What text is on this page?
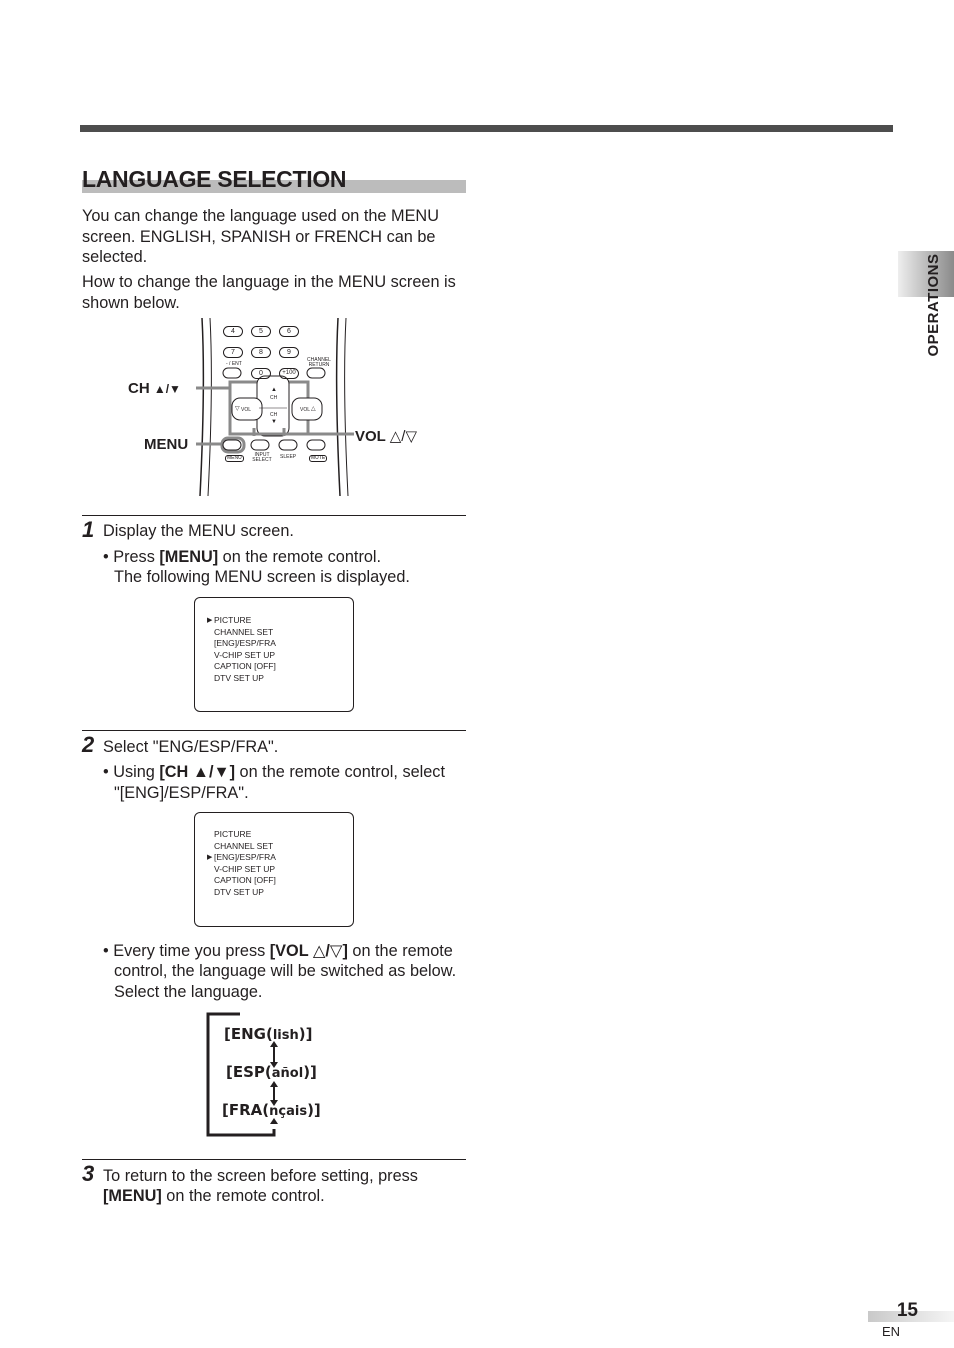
LANGUAGE SELECTION
OPERATIONS
You can change the language used on the MENU screen. ENGLISH, SPANISH or FRENCH can be selected.
How to change the language in the MENU screen is shown below.
4	5	6
7	8	9
- / ENT
CHANNEL RETURN
0	+100
▲
CH
CH
▼
▽ VOL	VOL △
MENU	INPUT SELECT SLEEP	MUTE
CH ▲/▼
MENU	VOL △/▽
1 Display the MENU screen.
• Press [MENU] on the remote control.
The following MENU screen is displayed.
▶ PICTURE
CHANNEL SET
[ENG]/ESP/FRA
V-CHIP SET UP
CAPTION [OFF]
DTV SET UP
2 Select "ENG/ESP/FRA".
• Using [CH ▲/▼] on the remote control, select
"[ENG]/ESP/FRA".
▶
PICTURE
CHANNEL SET
[ENG]/ESP/FRA
V-CHIP SET UP
CAPTION [OFF]
DTV SET UP
• Every time you press [VOL △/▽] on the remote
control, the language will be switched as below.
Select the language.
[ENG(lish)]
[ESP(añol)]
[FRA(nçais)]
3 To return to the screen before setting, press
[MENU] on the remote control.
15
EN
